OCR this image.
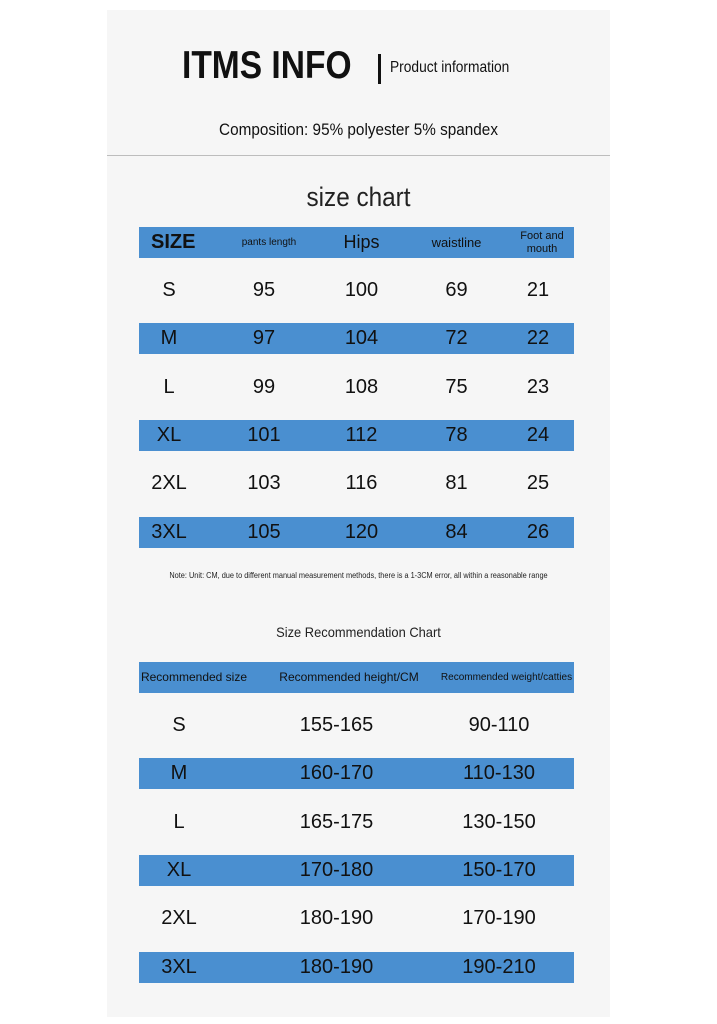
ITMS INFO Product information
Composition: 95% polyester 5% spandex
size chart
SIZE	pants length	Hips	waistline	Foot and mouth
S	95	100	69	21
M	97	104	72	22
L	99	108	75	23
XL	101	112	78	24
2XL	103	116	81	25
3XL	105	120	84	26
Note: Unit: CM, due to different manual measurement methods, there is a 1-3CM error, all within a reasonable range
Size Recommendation Chart
Recommended size	Recommended height/CM	Recommended weight/catties
S	155-165	90-110
M	160-170	110-130
L	165-175	130-150
XL	170-180	150-170
2XL	180-190	170-190
3XL	180-190	190-210
